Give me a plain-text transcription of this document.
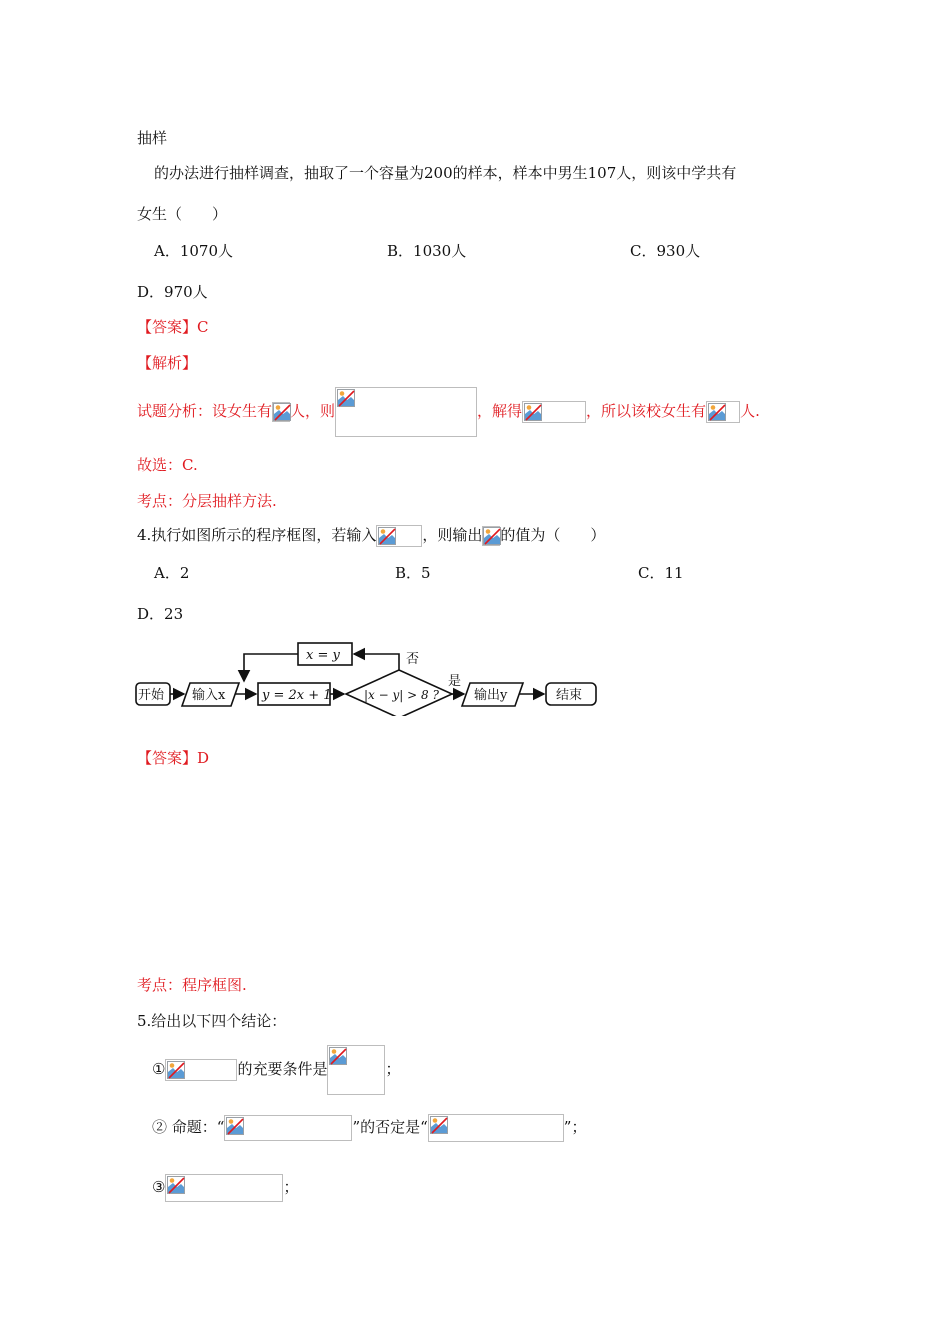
抽样
的办法进行抽样调查，抽取了一个容量为200的样本，样本中男生107人，则该中学共有
女生（　　）
A．1070人	B．1030人	C．930人
D．970人
【答案】C
【解析】
试题分析：设女生有 人，则	，解得	，所以该校女生有 人.
故选：C.
考点：分层抽样方法.
4.执行如图所示的程序框图，若输入	，则输出 的值为（　　）
A．2	B．5	C．11
D．23
开始 输入x	y = 2x + 1
x = y
|x − y| > 8 ?
否
是
输出y	结束
【答案】D
考点：程序框图.
5.给出以下四个结论：
①	的充要条件是	；
② 命题：“	”的否定是“	”；
③	；
